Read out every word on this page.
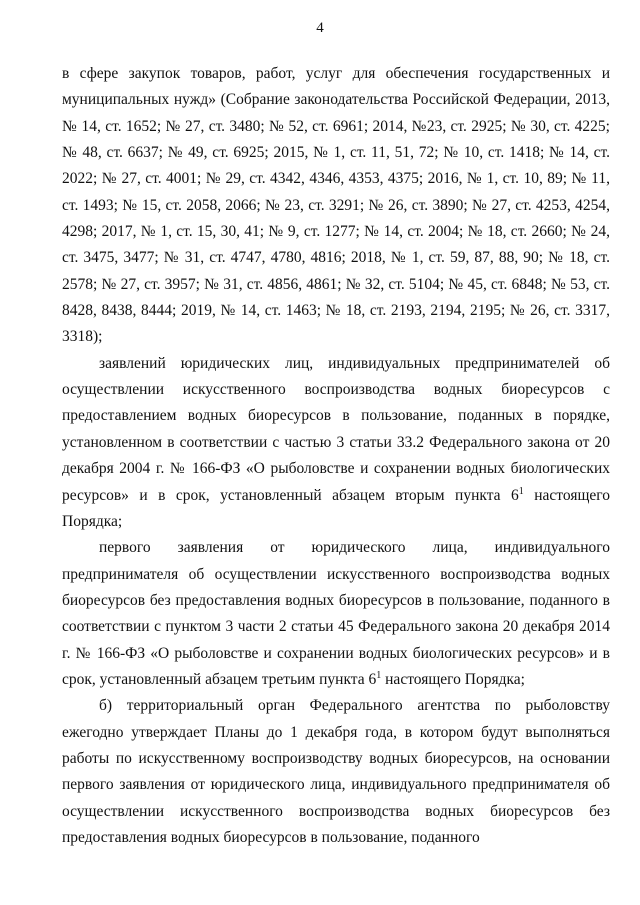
4

в сфере закупок товаров, работ, услуг для обеспечения государственных и муниципальных нужд» (Собрание законодательства Российской Федерации, 2013, № 14, ст. 1652; № 27, ст. 3480; № 52, ст. 6961; 2014, №23, ст. 2925; № 30, ст. 4225; № 48, ст. 6637; № 49, ст. 6925; 2015, № 1, ст. 11, 51, 72; № 10, ст. 1418; № 14, ст. 2022; № 27, ст. 4001; № 29, ст. 4342, 4346, 4353, 4375; 2016, № 1, ст. 10, 89; № 11, ст. 1493; № 15, ст. 2058, 2066; № 23, ст. 3291; № 26, ст. 3890; № 27, ст. 4253, 4254, 4298; 2017, № 1, ст. 15, 30, 41; № 9, ст. 1277; № 14, ст. 2004; № 18, ст. 2660; № 24, ст. 3475, 3477; № 31, ст. 4747, 4780, 4816; 2018, № 1, ст. 59, 87, 88, 90; № 18, ст. 2578; № 27, ст. 3957; № 31, ст. 4856, 4861; № 32, ст. 5104; № 45, ст. 6848; № 53, ст. 8428, 8438, 8444; 2019, № 14, ст. 1463; № 18, ст. 2193, 2194, 2195; № 26, ст. 3317, 3318);

заявлений юридических лиц, индивидуальных предпринимателей об осуществлении искусственного воспроизводства водных биоресурсов с предоставлением водных биоресурсов в пользование, поданных в порядке, установленном в соответствии с частью 3 статьи 33.2 Федерального закона от 20 декабря 2004 г. № 166-ФЗ «О рыболовстве и сохранении водных биологических ресурсов» и в срок, установленный абзацем вторым пункта $6^1$ настоящего Порядка;

первого заявления от юридического лица, индивидуального предпринимателя об осуществлении искусственного воспроизводства водных биоресурсов без предоставления водных биоресурсов в пользование, поданного в соответствии с пунктом 3 части 2 статьи 45 Федерального закона 20 декабря 2014 г. № 166-ФЗ «О рыболовстве и сохранении водных биологических ресурсов» и в срок, установленный абзацем третьим пункта $6^1$ настоящего Порядка;

б) территориальный орган Федерального агентства по рыболовству ежегодно утверждает Планы до 1 декабря года, в котором будут выполняться работы по искусственному воспроизводству водных биоресурсов, на основании первого заявления от юридического лица, индивидуального предпринимателя об осуществлении искусственного воспроизводства водных биоресурсов без предоставления водных биоресурсов в пользование, поданного
